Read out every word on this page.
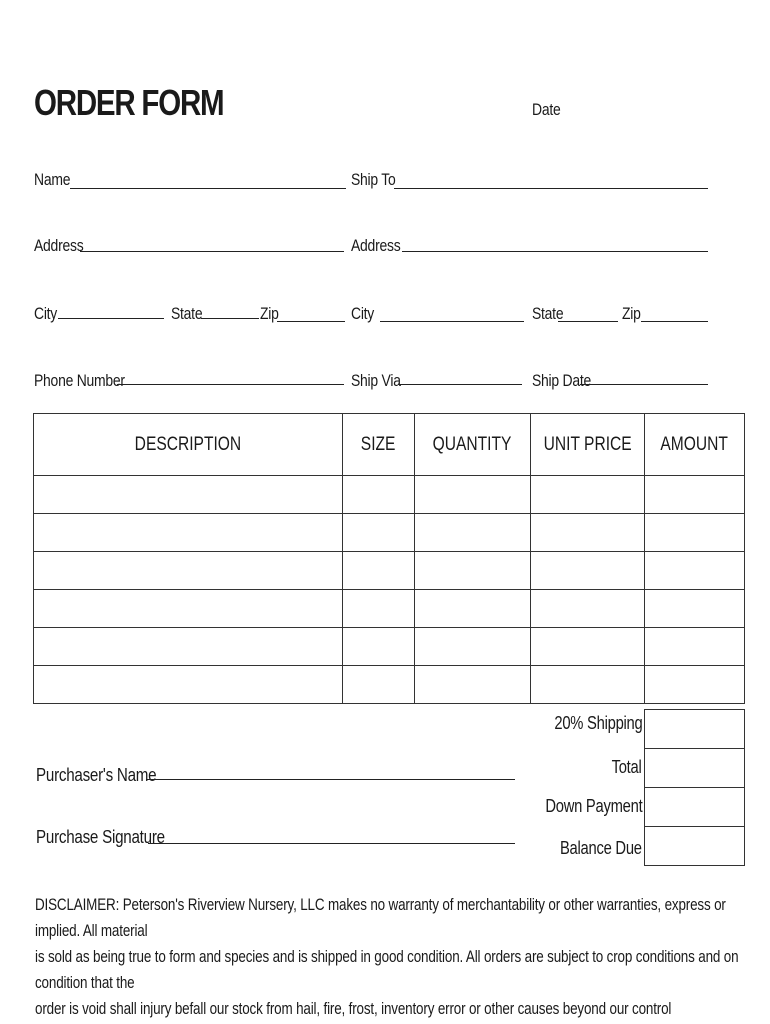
ORDER FORM	Date
Name	Ship To
Address	Address
City	State	Zip	City	State	Zip
Phone Number	Ship Via	Ship Date
DESCRIPTION	SIZE	QUANTITY	UNIT PRICE	AMOUNT

20% Shipping
Total
Down Payment
Balance Due
Purchaser's Name
Purchase Signature
DISCLAIMER: Peterson's Riverview Nursery, LLC makes no warranty of merchantability or other warranties, express or implied. All material
is sold as being true to form and species and is shipped in good condition. All orders are subject to crop conditions and on condition that the
order is void shall injury befall our stock from hail, fire, frost, inventory error or other causes beyond our control
